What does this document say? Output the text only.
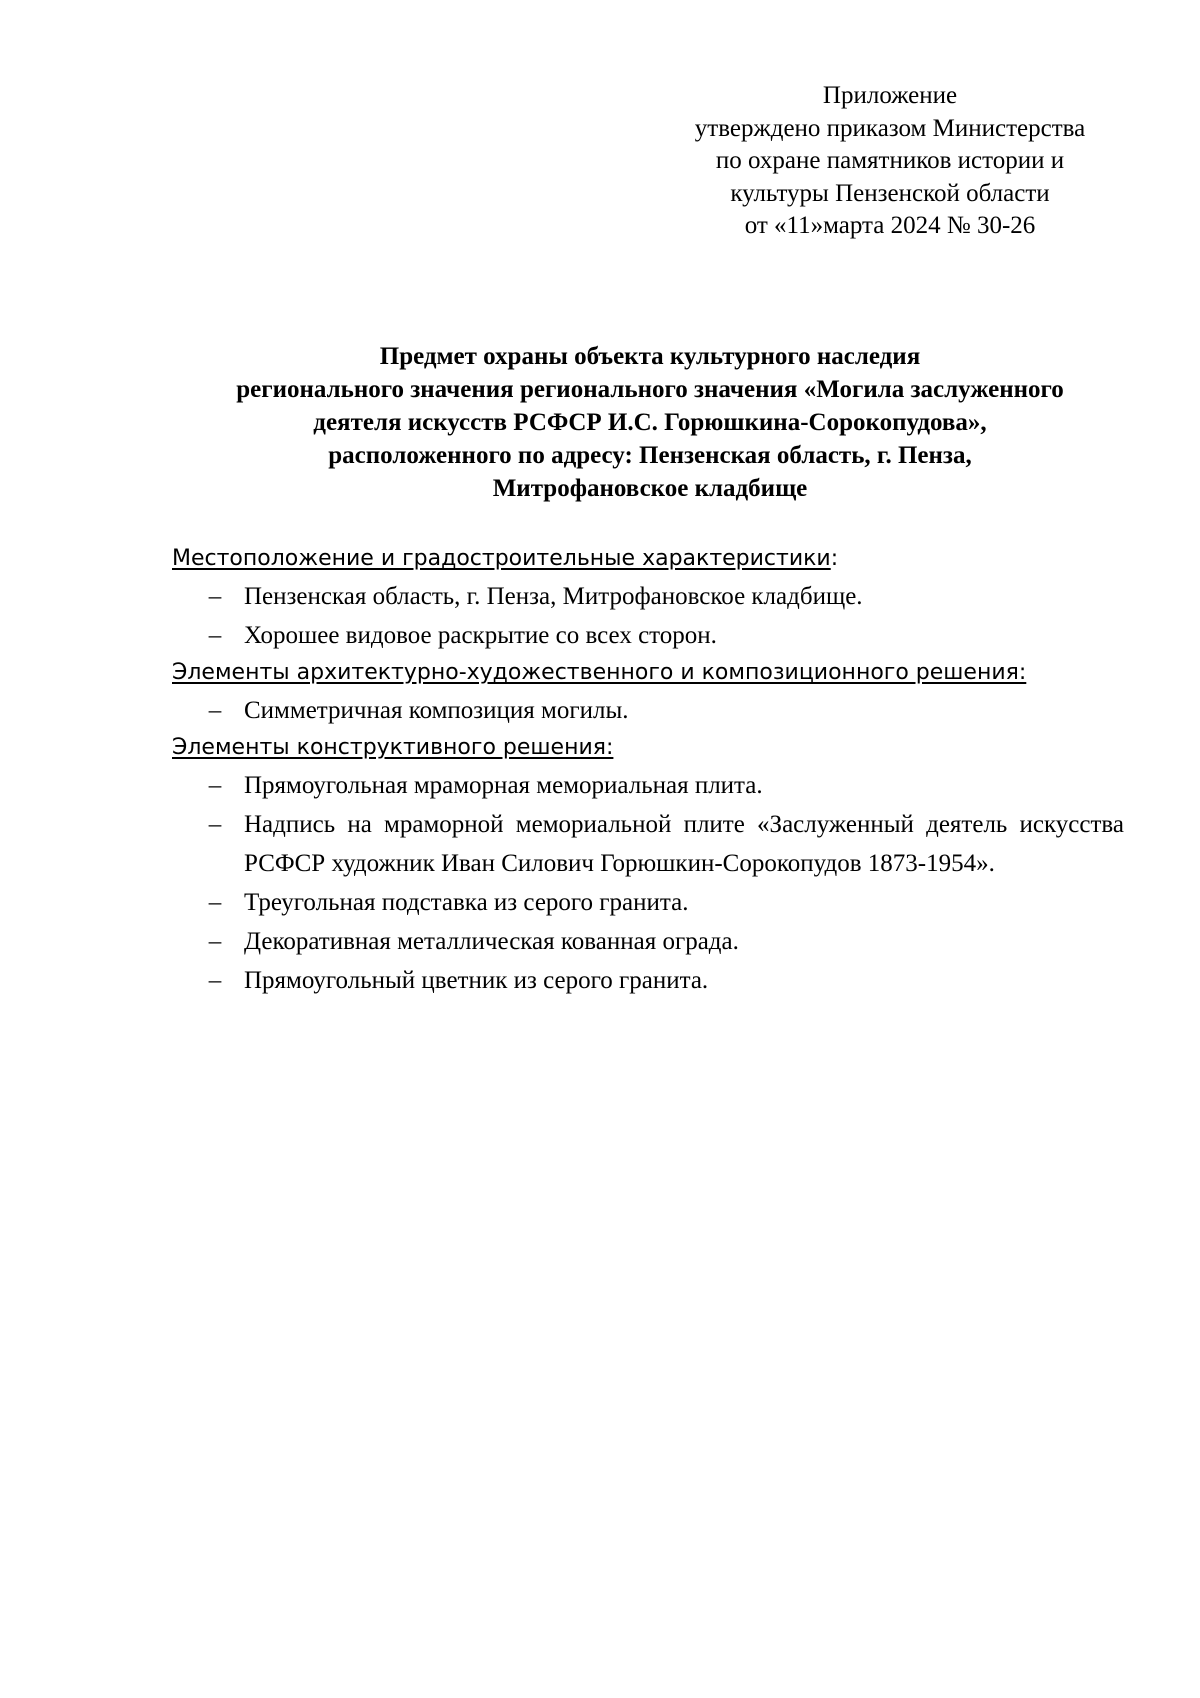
Приложение
утверждено приказом Министерства
по охране памятников истории и
культуры Пензенской области
от «11»марта 2024 № 30-26
Предмет охраны объекта культурного наследия
регионального значения регионального значения «Могила заслуженного
деятеля искусств РСФСР И.С. Горюшкина-Сорокопудова»,
расположенного по адресу: Пензенская область, г. Пенза,
Митрофановское кладбище
Местоположение и градостроительные характеристики:
– Пензенская область, г. Пенза, Митрофановское кладбище.
– Хорошее видовое раскрытие со всех сторон.
Элементы архитектурно-художественного и композиционного решения:
– Симметричная композиция могилы.
Элементы конструктивного решения:
– Прямоугольная мраморная мемориальная плита.
– Надпись на мраморной мемориальной плите «Заслуженный деятель искусства РСФСР художник Иван Силович Горюшкин-Сорокопудов 1873-1954».
– Треугольная подставка из серого гранита.
– Декоративная металлическая кованная ограда.
– Прямоугольный цветник из серого гранита.
